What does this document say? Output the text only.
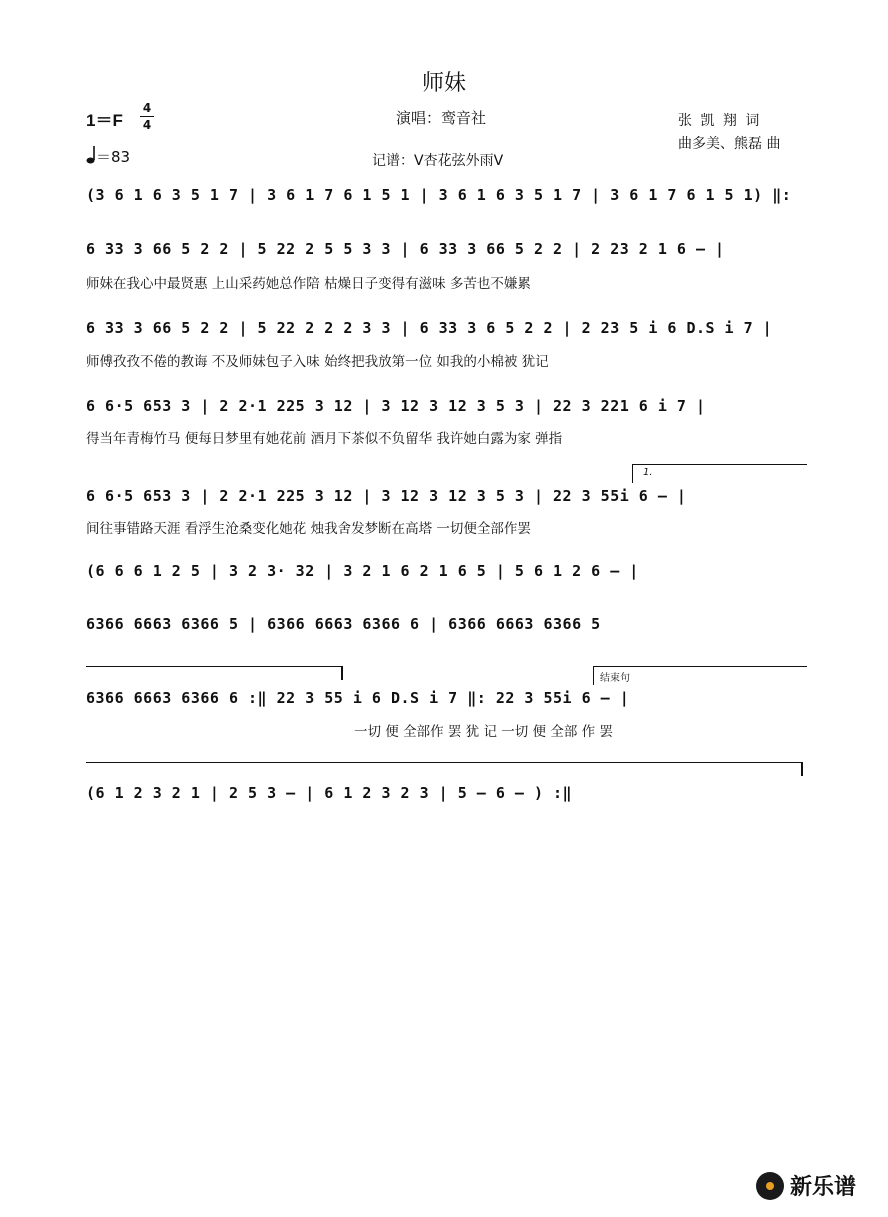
师妹
1＝F
4
4
＝83
演唱：鸾音社
记谱：V杏花弦外雨V
张 凯 翔 词
曲多美、熊磊 曲
(3 6 1 6 3 5 1 7 | 3 6 1 7 6 1 5 1 | 3 6 1 6 3 5 1 7 | 3 6 1 7 6 1 5 1) ‖:
6 33 3 66 5 2 2 | 5 22 2 5 5 3 3 | 6 33 3 66 5 2 2 | 2 23 2 1 6 – |
师妹在我心中最贤惠 上山采药她总作陪 枯燥日子变得有滋味 多苦也不嫌累
6 33 3 66 5 2 2 | 5 22 2 2 2 3 3 | 6 33 3 6 5 2 2 | 2 23 5 i 6 D.S i 7 |
师傅孜孜不倦的教诲 不及师妹包子入味 始终把我放第一位 如我的小棉被 犹记
6 6·5 653 3 | 2 2·1 225 3 12 | 3 12 3 12 3 5 3 | 22 3 221 6 i 7 |
得当年青梅竹马 便每日梦里有她花前 酒月下茶似不负留华 我许她白露为家 弹指
1.
6 6·5 653 3 | 2 2·1 225 3 12 | 3 12 3 12 3 5 3 | 22 3 55i 6 – |
间往事错路天涯 看浮生沧桑变化她花 烛我舍发梦断在高塔 一切便全部作罢
(6 6 6 1 2 5 | 3 2 3· 32 | 3 2 1 6 2 1 6 5 | 5 6 1 2 6 – |
6366 6663 6366 5 | 6366 6663 6366 6 | 6366 6663 6366 5
结束句
6366 6663 6366 6 :‖ 22 3 55 i 6 D.S i 7 ‖: 22 3 55i 6 – |
一切 便 全部作 罢 犹 记 一切 便 全部 作 罢
(6 1 2 3 2 1 | 2 5 3 – | 6 1 2 3 2 3 | 5 – 6 – ) :‖
新乐谱
